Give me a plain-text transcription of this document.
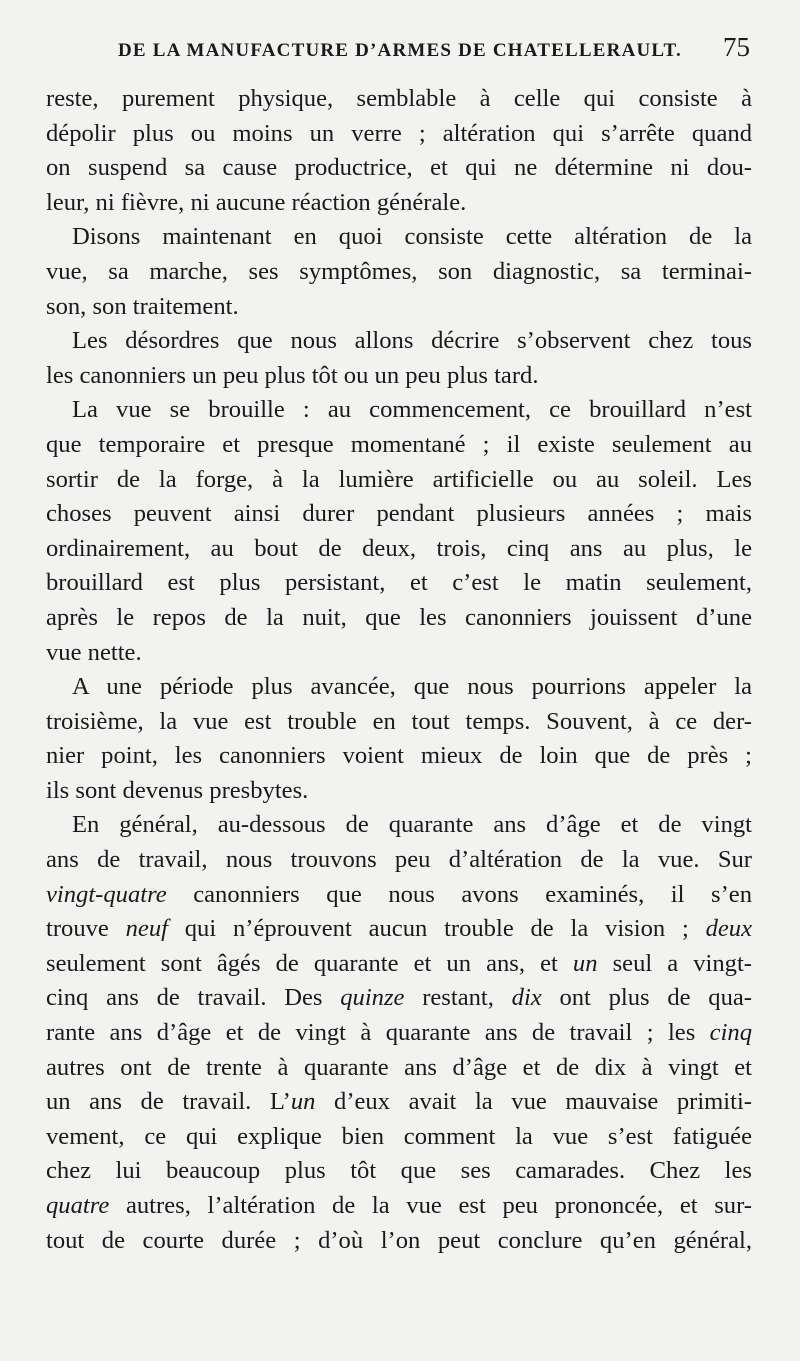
DE LA MANUFACTURE D’ARMES DE CHATELLERAULT. 75
reste, purement physique, semblable à celle qui consiste à
dépolir plus ou moins un verre ; altération qui s’arrête quand
on suspend sa cause productrice, et qui ne détermine ni dou-
leur, ni fièvre, ni aucune réaction générale.
Disons maintenant en quoi consiste cette altération de la
vue, sa marche, ses symptômes, son diagnostic, sa terminai-
son, son traitement.
Les désordres que nous allons décrire s’observent chez tous
les canonniers un peu plus tôt ou un peu plus tard.
La vue se brouille : au commencement, ce brouillard n’est
que temporaire et presque momentané ; il existe seulement au
sortir de la forge, à la lumière artificielle ou au soleil. Les
choses peuvent ainsi durer pendant plusieurs années ; mais
ordinairement, au bout de deux, trois, cinq ans au plus, le
brouillard est plus persistant, et c’est le matin seulement,
après le repos de la nuit, que les canonniers jouissent d’une
vue nette.
A une période plus avancée, que nous pourrions appeler la
troisième, la vue est trouble en tout temps. Souvent, à ce der-
nier point, les canonniers voient mieux de loin que de près ;
ils sont devenus presbytes.
En général, au-dessous de quarante ans d’âge et de vingt
ans de travail, nous trouvons peu d’altération de la vue. Sur
vingt-quatre canonniers que nous avons examinés, il s’en
trouve neuf qui n’éprouvent aucun trouble de la vision ; deux
seulement sont âgés de quarante et un ans, et un seul a vingt-
cinq ans de travail. Des quinze restant, dix ont plus de qua-
rante ans d’âge et de vingt à quarante ans de travail ; les cinq
autres ont de trente à quarante ans d’âge et de dix à vingt et
un ans de travail. L’un d’eux avait la vue mauvaise primiti-
vement, ce qui explique bien comment la vue s’est fatiguée
chez lui beaucoup plus tôt que ses camarades. Chez les
quatre autres, l’altération de la vue est peu prononcée, et sur-
tout de courte durée ; d’où l’on peut conclure qu’en général,
